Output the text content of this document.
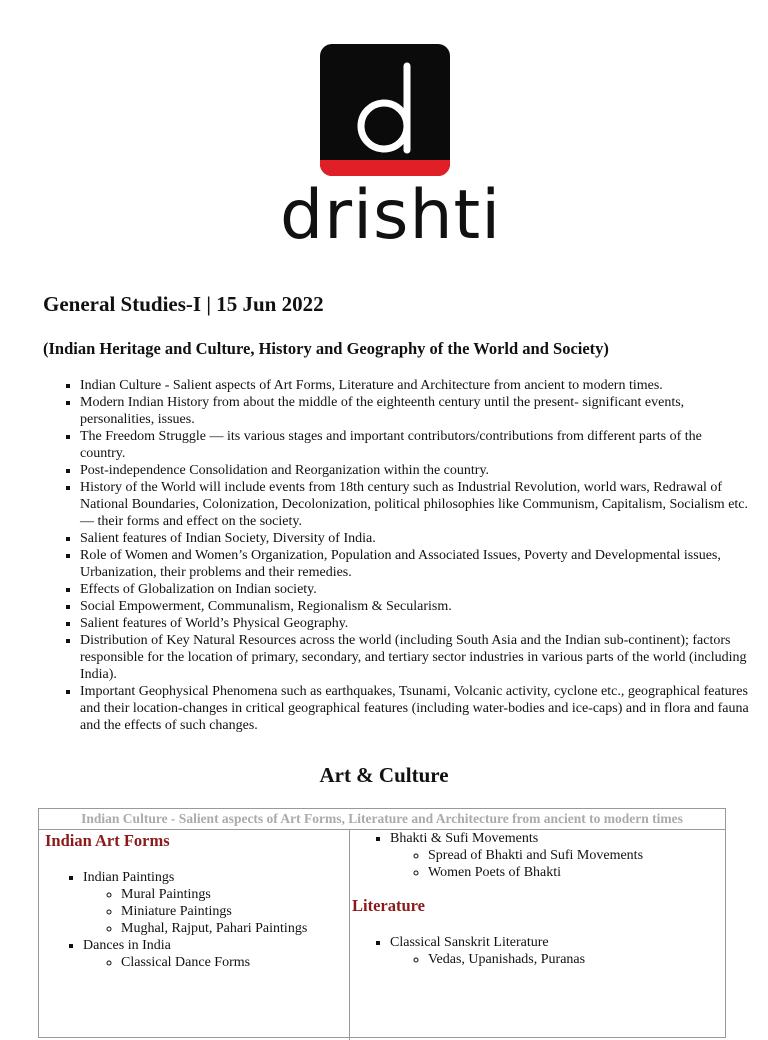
drishti
General Studies-I | 15 Jun 2022
(Indian Heritage and Culture, History and Geography of the World and Society)
▪ Indian Culture - Salient aspects of Art Forms, Literature and Architecture from ancient to modern times.
▪ Modern Indian History from about the middle of the eighteenth century until the present- significant events, personalities, issues.
▪ The Freedom Struggle — its various stages and important contributors/contributions from different parts of the country.
▪ Post-independence Consolidation and Reorganization within the country.
▪ History of the World will include events from 18th century such as Industrial Revolution, world wars, Redrawal of National Boundaries, Colonization, Decolonization, political philosophies like Communism, Capitalism, Socialism etc.— their forms and effect on the society.
▪ Salient features of Indian Society, Diversity of India.
▪ Role of Women and Women’s Organization, Population and Associated Issues, Poverty and Developmental issues, Urbanization, their problems and their remedies.
▪ Effects of Globalization on Indian society.
▪ Social Empowerment, Communalism, Regionalism & Secularism.
▪ Salient features of World’s Physical Geography.
▪ Distribution of Key Natural Resources across the world (including South Asia and the Indian sub-continent); factors responsible for the location of primary, secondary, and tertiary sector industries in various parts of the world (including India).
▪ Important Geophysical Phenomena such as earthquakes, Tsunami, Volcanic activity, cyclone etc., geographical features and their location-changes in critical geographical features (including water-bodies and ice-caps) and in flora and fauna and the effects of such changes.
Art & Culture
Indian Culture - Salient aspects of Art Forms, Literature and Architecture from ancient to modern times
Indian Art Forms
▪ Indian Paintings
◦ Mural Paintings
◦ Miniature Paintings
◦ Mughal, Rajput, Pahari Paintings
▪ Dances in India
◦ Classical Dance Forms
▪ Bhakti & Sufi Movements
◦ Spread of Bhakti and Sufi Movements
◦ Women Poets of Bhakti
Literature
▪ Classical Sanskrit Literature
◦ Vedas, Upanishads, Puranas
